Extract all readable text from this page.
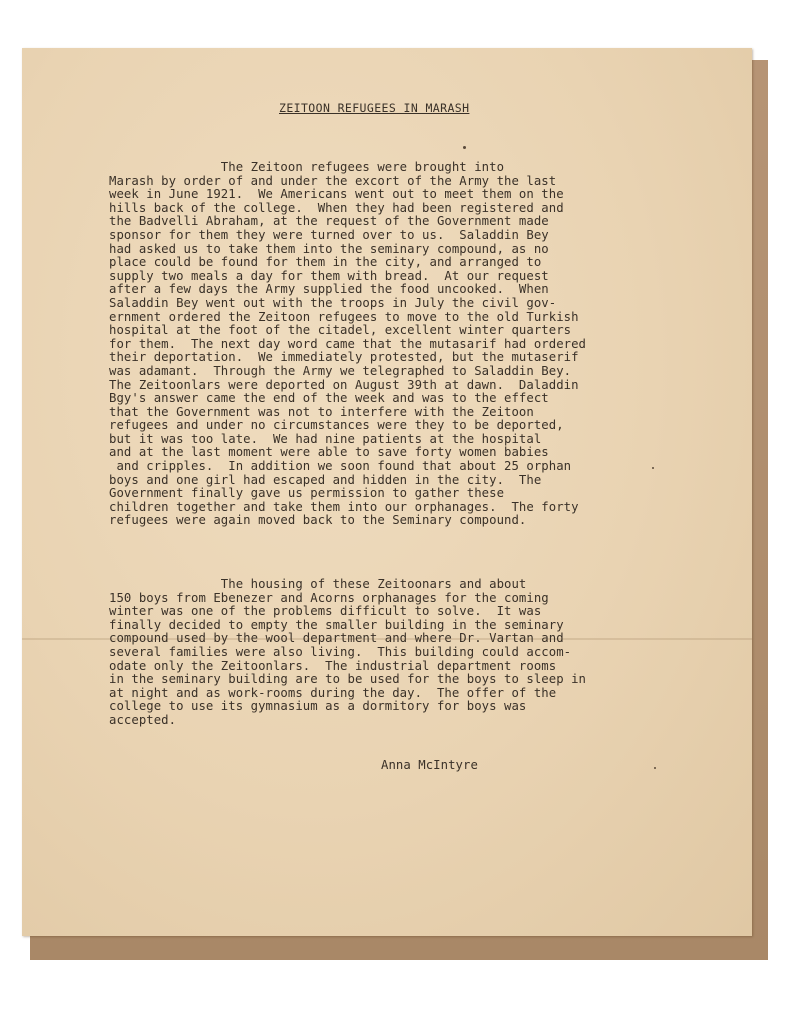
ZEITOON REFUGEES IN MARASH
The Zeitoon refugees were brought into
Marash by order of and under the excort of the Army the last
week in June 1921.  We Americans went out to meet them on the
hills back of the college.  When they had been registered and
the Badvelli Abraham, at the request of the Government made
sponsor for them they were turned over to us.  Saladdin Bey
had asked us to take them into the seminary compound, as no
place could be found for them in the city, and arranged to
supply two meals a day for them with bread.  At our request
after a few days the Army supplied the food uncooked.  When
Saladdin Bey went out with the troops in July the civil gov-
ernment ordered the Zeitoon refugees to move to the old Turkish
hospital at the foot of the citadel, excellent winter quarters
for them.  The next day word came that the mutasarif had ordered
their deportation.  We immediately protested, but the mutaserif
was adamant.  Through the Army we telegraphed to Saladdin Bey.
The Zeitoonlars were deported on August 39th at dawn.  Daladdin
Bgy's answer came the end of the week and was to the effect
that the Government was not to interfere with the Zeitoon
refugees and under no circumstances were they to be deported,
but it was too late.  We had nine patients at the hospital
and at the last moment were able to save forty women babies
and cripples.  In addition we soon found that about 25 orphan
boys and one girl had escaped and hidden in the city.  The
Government finally gave us permission to gather these
children together and take them into our orphanages.  The forty
refugees were again moved back to the Seminary compound.
The housing of these Zeitoonars and about
150 boys from Ebenezer and Acorns orphanages for the coming
winter was one of the problems difficult to solve.  It was
finally decided to empty the smaller building in the seminary
compound used by the wool department and where Dr. Vartan and
several families were also living.  This building could accom-
odate only the Zeitoonlars.  The industrial department rooms
in the seminary building are to be used for the boys to sleep in
at night and as work-rooms during the day.  The offer of the
college to use its gymnasium as a dormitory for boys was
accepted.
Anna McIntyre
